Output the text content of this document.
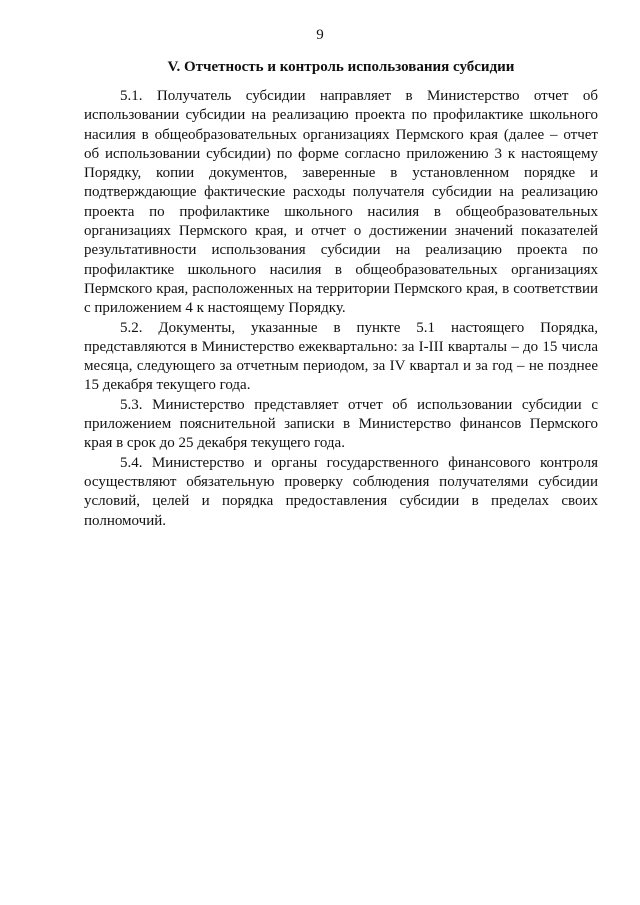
9
V. Отчетность и контроль использования субсидии

5.1. Получатель субсидии направляет в Министерство отчет об использовании субсидии на реализацию проекта по профилактике школьного насилия в общеобразовательных организациях Пермского края (далее – отчет об использовании субсидии) по форме согласно приложению 3 к настоящему Порядку, копии документов, заверенные в установленном порядке и подтверждающие фактические расходы получателя субсидии на реализацию проекта по профилактике школьного насилия в общеобразовательных организациях Пермского края, и отчет о достижении значений показателей результативности использования субсидии на реализацию проекта по профилактике школьного насилия в общеобразовательных организациях Пермского края, расположенных на территории Пермского края, в соответствии с приложением 4 к настоящему Порядку.

5.2. Документы, указанные в пункте 5.1 настоящего Порядка, представляются в Министерство ежеквартально: за I-III кварталы – до 15 числа месяца, следующего за отчетным периодом, за IV квартал и за год – не позднее 15 декабря текущего года.

5.3. Министерство представляет отчет об использовании субсидии с приложением пояснительной записки в Министерство финансов Пермского края в срок до 25 декабря текущего года.

5.4. Министерство и органы государственного финансового контроля осуществляют обязательную проверку соблюдения получателями субсидии условий, целей и порядка предоставления субсидии в пределах своих полномочий.
